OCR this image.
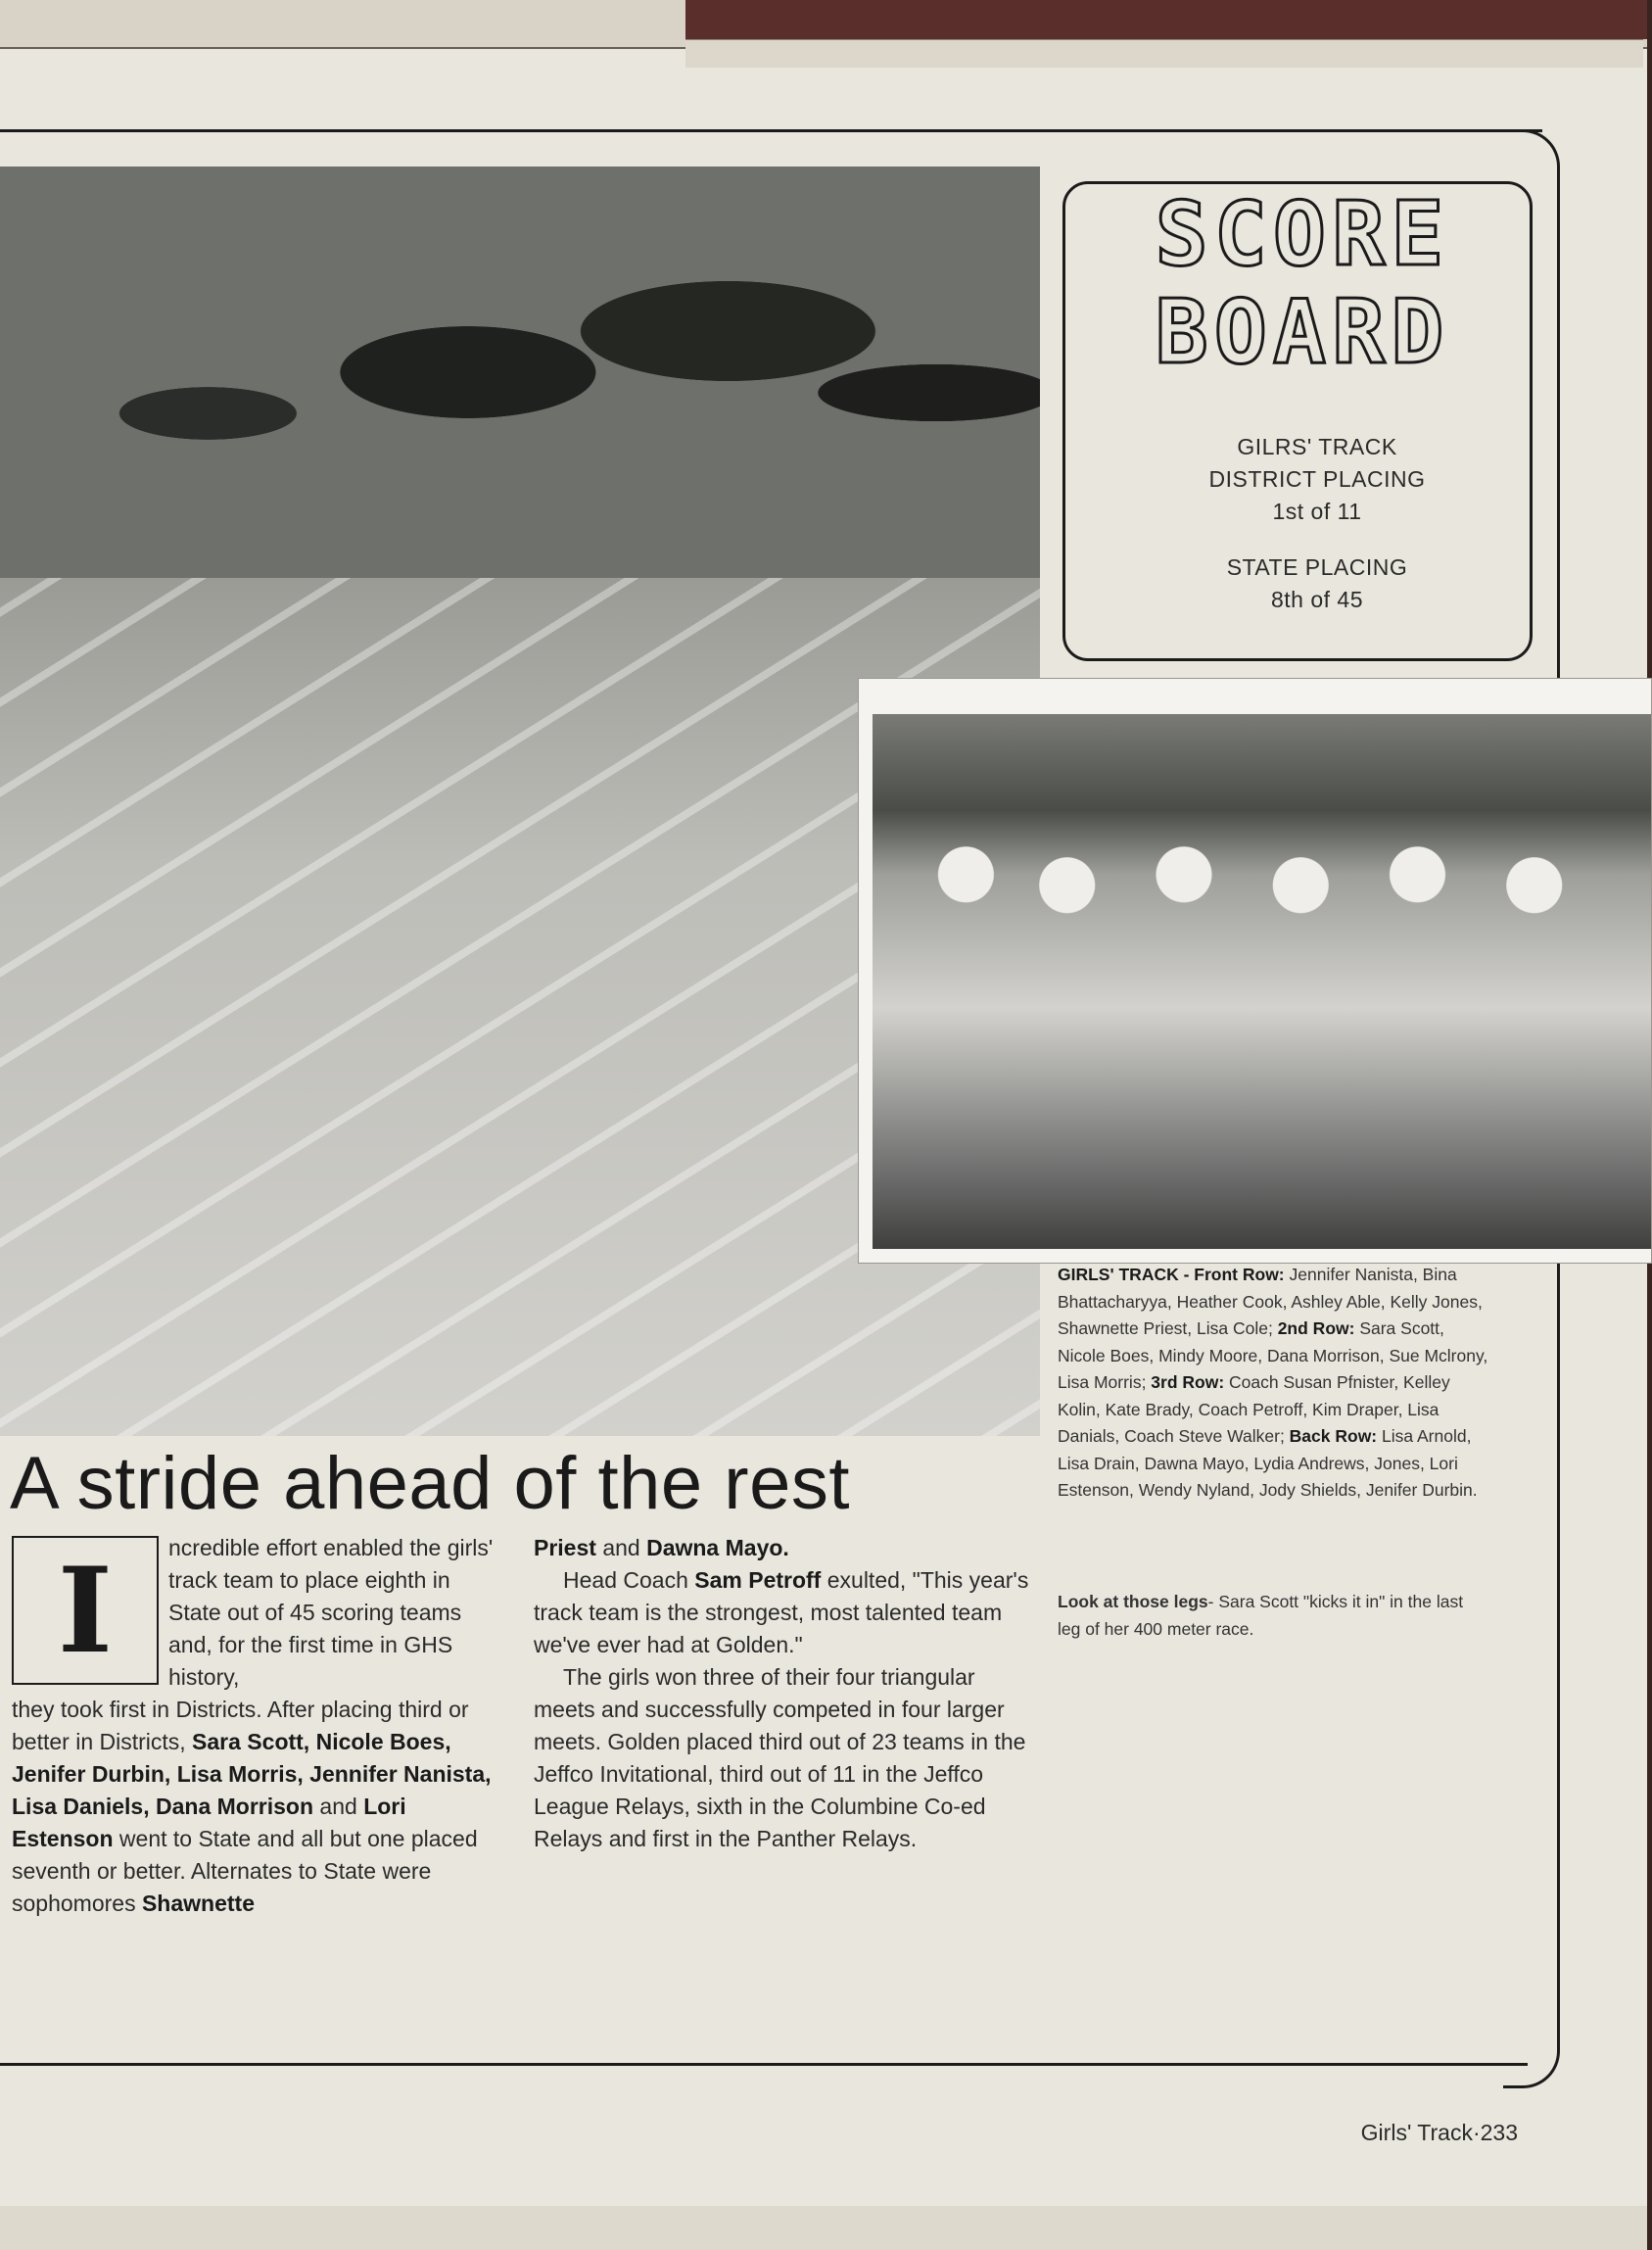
SCORE
BOARD
GILRS' TRACK
DISTRICT PLACING
1st of 11
STATE PLACING
8th of 45
GIRLS' TRACK - Front Row: Jennifer Nanista, Bina Bhattacharyya, Heather Cook, Ashley Able, Kelly Jones, Shawnette Priest, Lisa Cole; 2nd Row: Sara Scott, Nicole Boes, Mindy Moore, Dana Morrison, Sue Mclrony, Lisa Morris; 3rd Row: Coach Susan Pfnister, Kelley Kolin, Kate Brady, Coach Petroff, Kim Draper, Lisa Danials, Coach Steve Walker; Back Row: Lisa Arnold, Lisa Drain, Dawna Mayo, Lydia Andrews, Jones, Lori Estenson, Wendy Nyland, Jody Shields, Jenifer Durbin.
Look at those legs- Sara Scott "kicks it in" in the last leg of her 400 meter race.
A stride ahead of the rest
I	ncredible effort enabled the girls' track team to place eighth in State out of 45 scoring teams and, for the first time in GHS history,

they took first in Districts. After placing third or better in Districts, Sara Scott, Nicole Boes, Jenifer Durbin, Lisa Morris, Jennifer Nanista, Lisa Daniels, Dana Morrison and Lori Estenson went to State and all but one placed seventh or better. Alternates to State were sophomores Shawnette

Priest and Dawna Mayo.

Head Coach Sam Petroff exulted, "This year's track team is the strongest, most talented team we've ever had at Golden."

The girls won three of their four triangular meets and successfully competed in four larger meets. Golden placed third out of 23 teams in the Jeffco Invitational, third out of 11 in the Jeffco League Relays, sixth in the Columbine Co-ed Relays and first in the Panther Relays.

Girls' Track·233
